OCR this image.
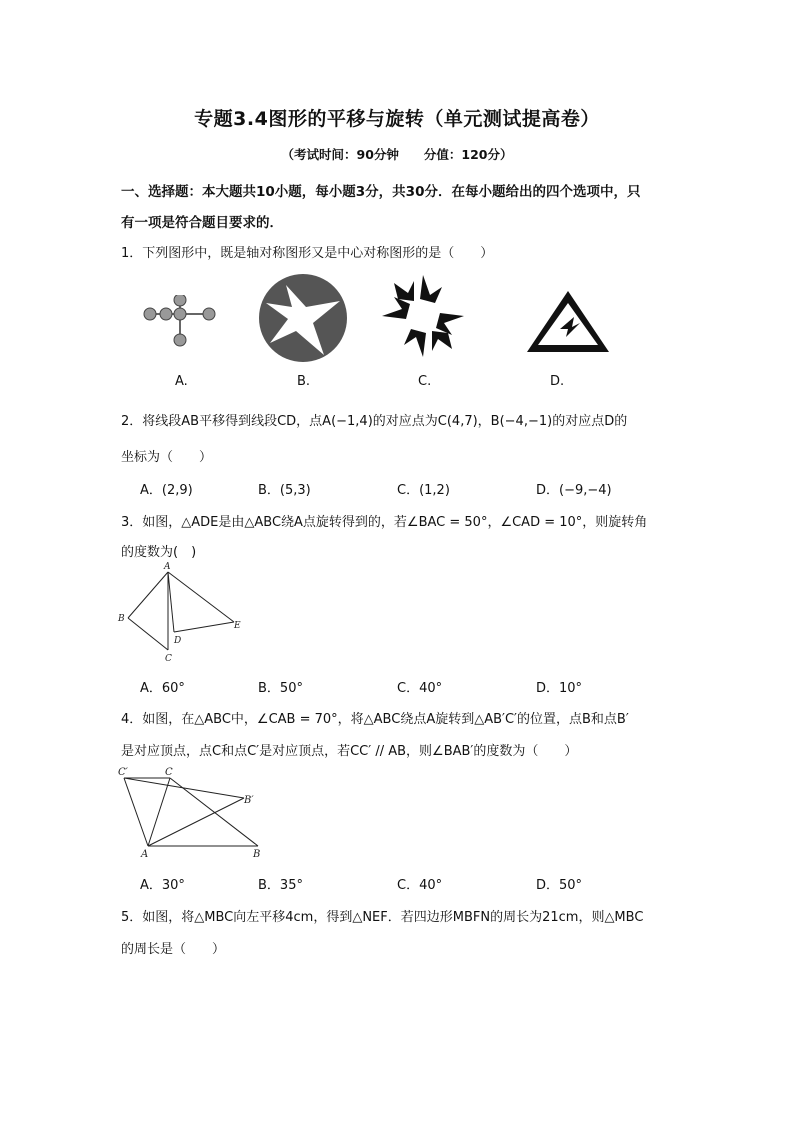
专题3.4图形的平移与旋转（单元测试提高卷）
（考试时间：90分钟　　分值：120分）
一、选择题：本大题共10小题，每小题3分，共30分．在每小题给出的四个选项中，只
有一项是符合题目要求的．
1．下列图形中，既是轴对称图形又是中心对称图形的是（　　）
A.	B.	C.	D.
2．将线段AB平移得到线段CD，点A(−1,4)的对应点为C(4,7)，B(−4,−1)的对应点D的
坐标为（　　）
A．(2,9)	B．(5,3)	C．(1,2)	D．(−9,−4)
3．如图，△ADE是由△ABC绕A点旋转得到的，若∠BAC = 50°，∠CAD = 10°，则旋转角
的度数为(　)
A
B
C
D
E
A．60°	B．50°	C．40°	D．10°
4．如图，在△ABC中，∠CAB = 70°，将△ABC绕点A旋转到△AB′C′的位置，点B和点B′
是对应顶点，点C和点C′是对应顶点，若CC′ // AB，则∠BAB′的度数为（　　）
C′	C
B′
A	B
A．30°	B．35°	C．40°	D．50°
5．如图，将△MBC向左平移4cm，得到△NEF．若四边形MBFN的周长为21cm，则△MBC
的周长是（　　）
